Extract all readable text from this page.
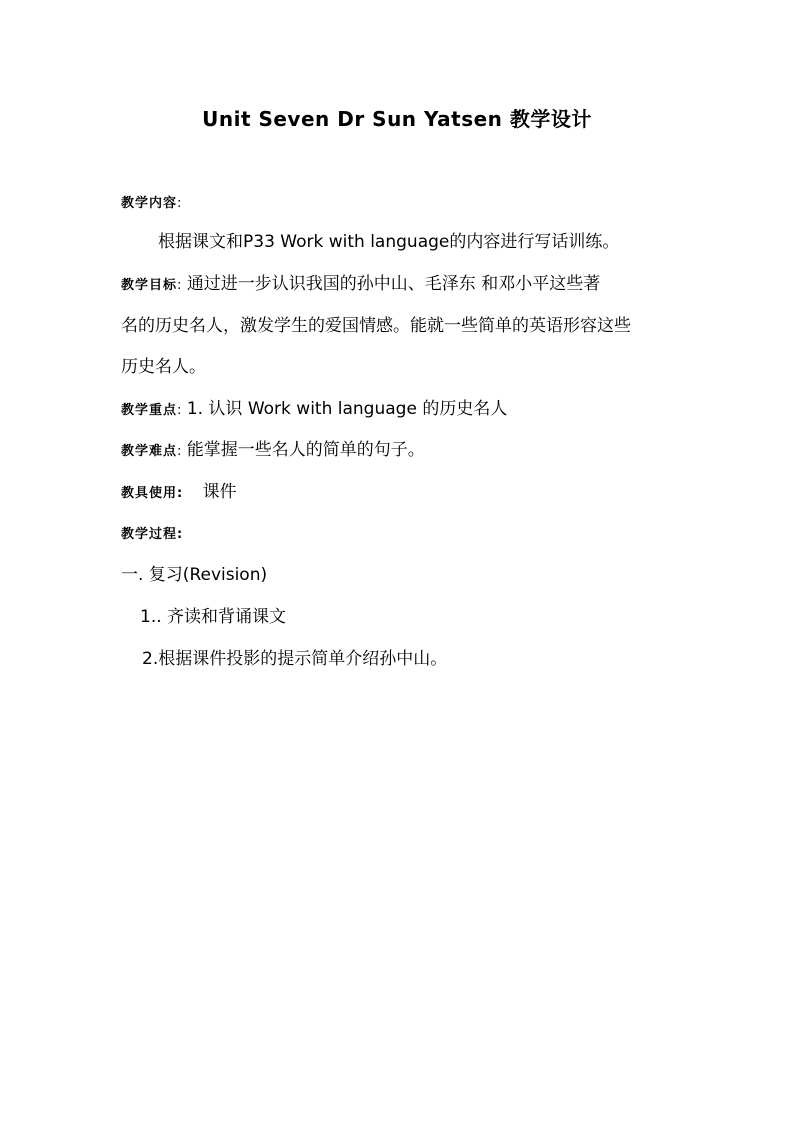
Unit Seven Dr Sun Yatsen 教学设计
教学内容:
根据课文和P33 Work with language的内容进行写话训练。
教学目标: 通过进一步认识我国的孙中山、毛泽东 和邓小平这些著
名的历史名人，激发学生的爱国情感。能就一些简单的英语形容这些
历史名人。
教学重点: 1. 认识 Work with language 的历史名人
教学难点: 能掌握一些名人的简单的句子。
教具使用: 课件
教学过程:
一. 复习(Revision)
1.. 齐读和背诵课文
2.根据课件投影的提示简单介绍孙中山。
